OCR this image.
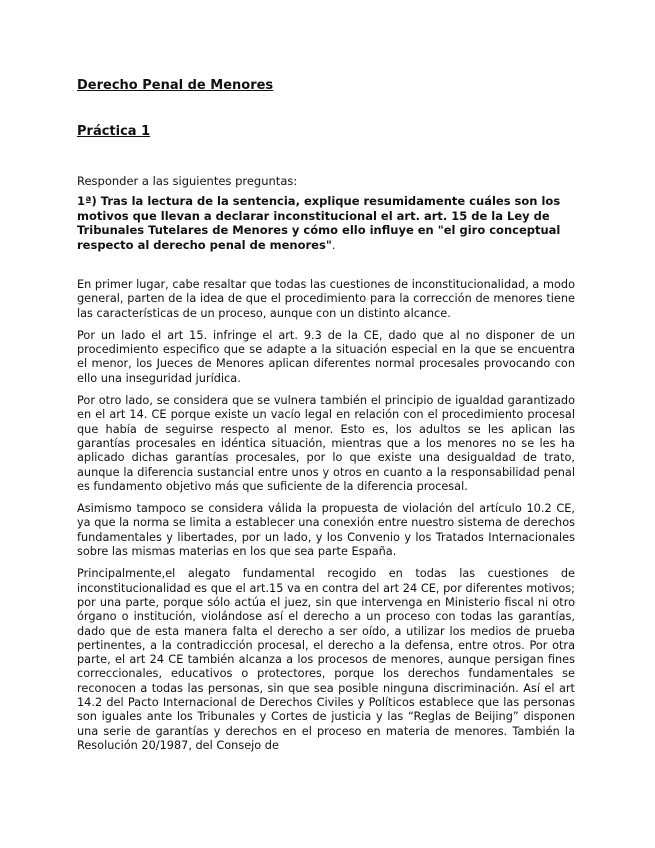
Derecho Penal de Menores
Práctica 1

Responder a las siguientes preguntas:

1ª) Tras la lectura de la sentencia, explique resumidamente cuáles son los motivos que llevan a declarar inconstitucional el art. art. 15 de la Ley de Tribunales Tutelares de Menores y cómo ello influye en "el giro conceptual respecto al derecho penal de menores".

En primer lugar, cabe resaltar que todas las cuestiones de inconstitucionalidad, a modo general, parten de la idea de que el procedimiento para la corrección de menores tiene las características de un proceso, aunque con un distinto alcance.

Por un lado el art 15. infringe el art. 9.3 de la CE, dado que al no disponer de un procedimiento especifico que se adapte a la situación especial en la que se encuentra el menor, los Jueces de Menores aplican diferentes normal procesales provocando con ello una inseguridad jurídica.

Por otro lado, se considera que se vulnera también el principio de igualdad garantizado en el art 14. CE porque existe un vacío legal en relación con el procedimiento procesal que había de seguirse respecto al menor. Esto es, los adultos se les aplican las garantías procesales en idéntica situación, mientras que a los menores no se les ha aplicado dichas garantías procesales, por lo que existe una desigualdad de trato, aunque la diferencia sustancial entre unos y otros en cuanto a la responsabilidad penal es fundamento objetivo más que suficiente de la diferencia procesal.

Asimismo tampoco se considera válida la propuesta de violación del artículo 10.2 CE, ya que la norma se limita a establecer una conexión entre nuestro sistema de derechos fundamentales y libertades, por un lado, y los Convenio y los Tratados Internacionales sobre las mismas materias en los que sea parte España.

Principalmente,el alegato fundamental recogido en todas las cuestiones de inconstitucionalidad es que el art.15 va en contra del art 24 CE, por diferentes motivos; por una parte, porque sólo actúa el juez, sin que intervenga en Ministerio fiscal ni otro órgano o institución, violándose así el derecho a un proceso con todas las garantías, dado que de esta manera falta el derecho a ser oído, a utilizar los medios de prueba pertinentes, a la contradicción procesal, el derecho a la defensa, entre otros. Por otra parte, el art 24 CE también alcanza a los procesos de menores, aunque persigan fines correccionales, educativos o protectores, porque los derechos fundamentales se reconocen a todas las personas, sin que sea posible ninguna discriminación. Así el art 14.2 del Pacto Internacional de Derechos Civiles y Políticos establece que las personas son iguales ante los Tribunales y Cortes de justicia y las “Reglas de Beijing” disponen una serie de garantías y derechos en el proceso en materia de menores. También la Resolución 20/1987, del Consejo de
